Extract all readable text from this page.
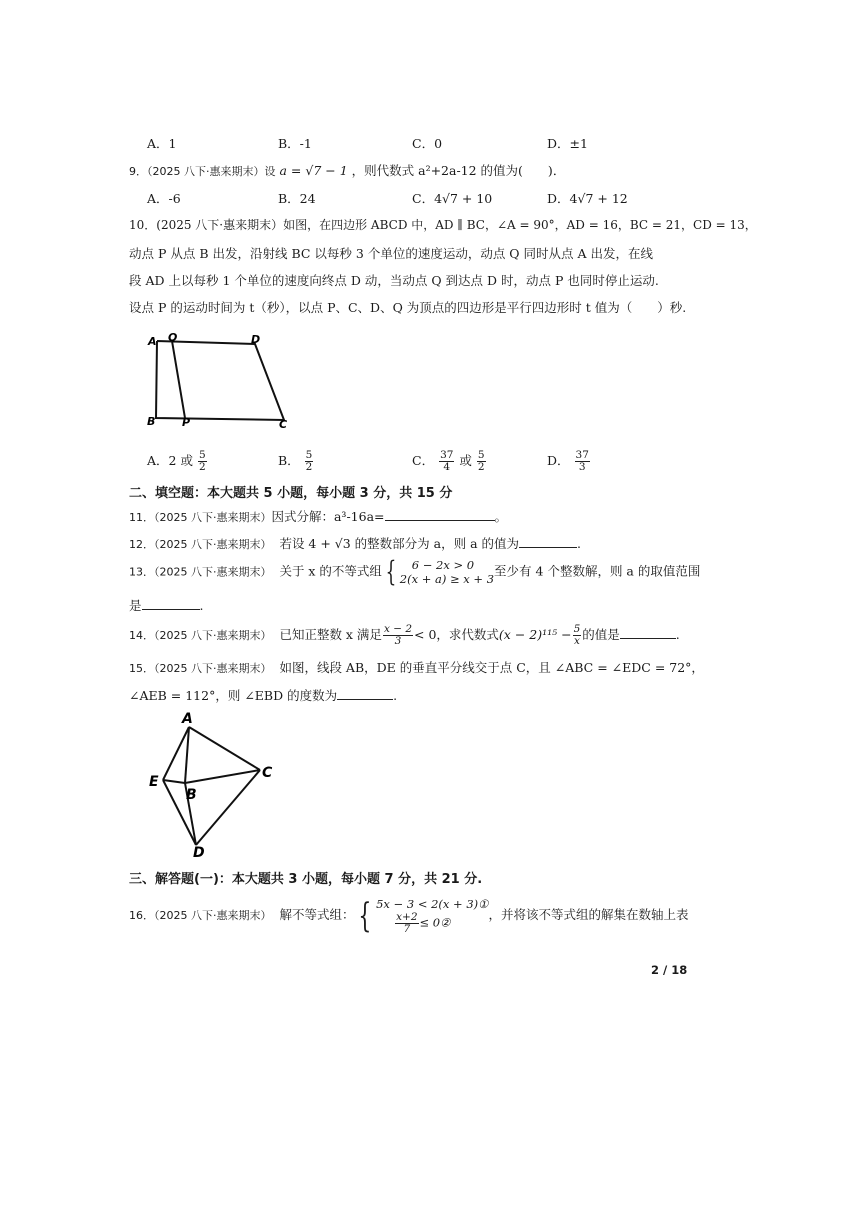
A．1	B．-1	C．0	D．±1
9．（2025 八下·惠来期末）设 a = √7 − 1 ，则代数式 a²+2a-12 的值为(　　)．
A．-6	B．24	C．4√7 + 10	D．4√7 + 12
10．(2025 八下·惠来期末）如图，在四边形 ABCD 中，AD ∥ BC，∠A = 90°，AD = 16，BC = 21，CD = 13，
动点 P 从点 B 出发，沿射线 BC 以每秒 3 个单位的速度运动，动点 Q 同时从点 A 出发，在线
段 AD 上以每秒 1 个单位的速度向终点 D 动，当动点 Q 到达点 D 时，动点 P 也同时停止运动.
设点 P 的运动时间为 t（秒），以点 P、C、D、Q 为顶点的四边形是平行四边形时 t 值为（　　）秒.
A Q	D
B P	C
A．2 或 $\frac{5}{2}$	B． $\frac{5}{2}$	C． $\frac{37}{4}$ 或 $\frac{5}{2}$	D． $\frac{37}{3}$
二、填空题：本大题共 5 小题，每小题 3 分，共 15 分
11．（2025 八下·惠来期末）因式分解：a³-16a=	。
12．（2025 八下·惠来期末） 若设 4 + √3 的整数部分为 a，则 a 的值为	.
13．（2025 八下·惠来期末） 关于 x 的不等式组 {	6 − 2x > 0
2(x + a) ≥ x + 3
至少有 4 个整数解，则 a 的取值范围
是	.
14．（2025 八下·惠来期末） 已知正整数 x 满足 $\frac{x - 2}{3} < 0$，求代数式$(x - 2)^{115} - \frac{5}{x}$ 的值是	.
15．（2025 八下·惠来期末） 如图，线段 AB，DE 的垂直平分线交于点 C，且 ∠ABC = ∠EDC = 72°，
∠AEB = 112°，则 ∠EBD 的度数为	.
A
E
B
C
D
三、解答题(一)：本大题共 3 小题，每小题 7 分，共 21 分.
16．（2025 八下·惠来期末） 解不等式组： { 5x − 3 < 2(x + 3)①
$\frac{x+2}{7}$ ≤ 0②
，并将该不等式组的解集在数轴上表
2 / 18
